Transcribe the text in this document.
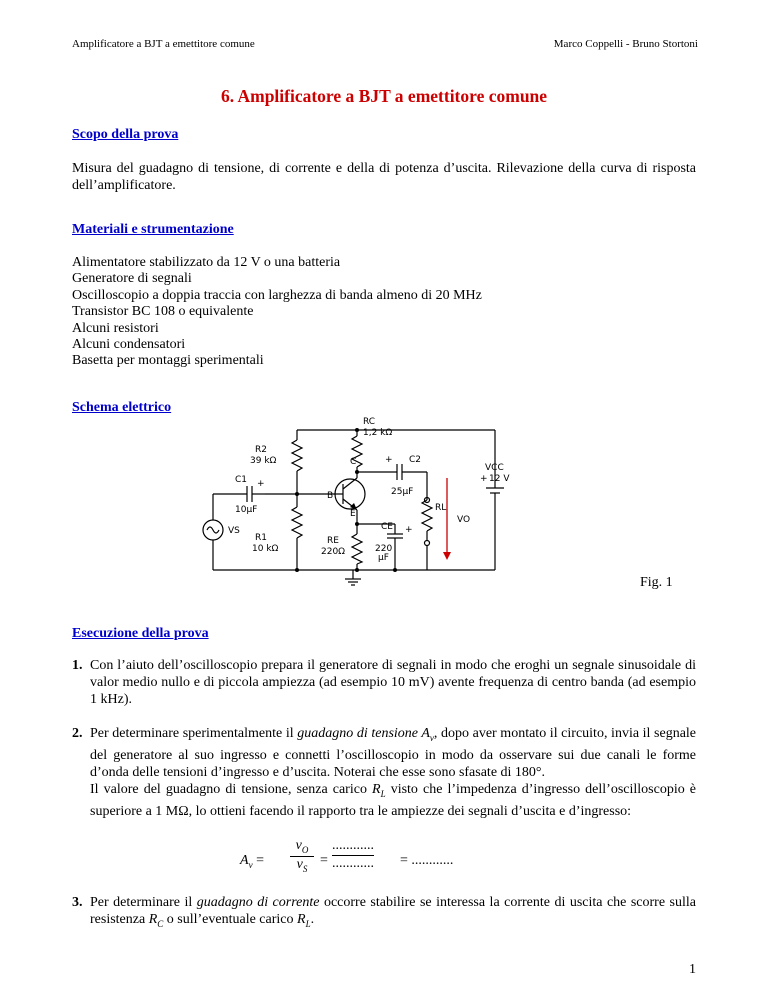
Amplificatore a BJT a emettitore comune	Marco Coppelli - Bruno Stortoni
6. Amplificatore a BJT a emettitore comune
Scopo della prova
Misura del guadagno di tensione, di corrente e della di potenza d’uscita. Rilevazione della curva di risposta dell’amplificatore.
Materiali e strumentazione
Alimentatore stabilizzato da 12 V o una batteria
Generatore di segnali
Oscilloscopio a doppia traccia con larghezza di banda almeno di 20 MHz
Transistor BC 108 o equivalente
Alcuni resistori
Alcuni condensatori
Basetta per montaggi sperimentali
Schema elettrico
RC
1,2 kΩ
R2
39 kΩ
C1 +
10µF
+ C2
25µF
VCC
+ 12 V
RL
VO
VS
R1
10 kΩ
RE
220Ω
CE +
220
µF
B
C
E
Fig. 1
Esecuzione della prova
1. Con l’aiuto dell’oscilloscopio prepara il generatore di segnali in modo che eroghi un segnale sinusoidale di valor medio nullo e di piccola ampiezza (ad esempio 10 mV) avente frequenza di centro banda (ad esempio 1 kHz).
2. Per determinare sperimentalmente il guadagno di tensione $A_v$, dopo aver montato il circuito, invia il segnale del generatore al suo ingresso e connetti l’oscilloscopio in modo da osservare sui due canali le forme d’onda delle tensioni d’ingresso e d’uscita. Noterai che esse sono sfasate di 180°.
Il valore del guadagno di tensione, senza carico $R_L$ visto che l’impedenza d’ingresso dell’oscilloscopio è superiore a 1 MΩ, lo ottieni facendo il rapporto tra le ampiezze dei segnali d’uscita e d’ingresso:
$A_v$ =
$v_O$
$v_S$
=
............
............ = ............
3. Per determinare il guadagno di corrente occorre stabilire se interessa la corrente di uscita che scorre sulla resistenza $R_C$ o sull’eventuale carico $R_L$.
1
